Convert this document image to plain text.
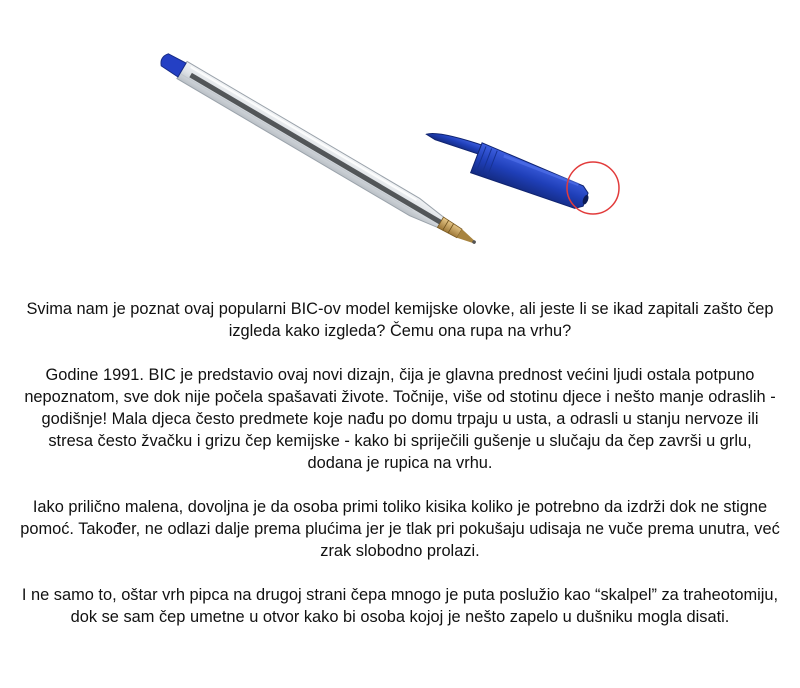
Svima nam je poznat ovaj popularni BIC-ov model kemijske olovke, ali jeste li se ikad zapitali zašto čep izgleda kako izgleda? Čemu ona rupa na vrhu?

Godine 1991. BIC je predstavio ovaj novi dizajn, čija je glavna prednost većini ljudi ostala potpuno nepoznatom, sve dok nije počela spašavati živote. Točnije, više od stotinu djece i nešto manje odraslih - godišnje! Mala djeca često predmete koje nađu po domu trpaju u usta, a odrasli u stanju nervoze ili stresa često žvačku i grizu čep kemijske - kako bi spriječili gušenje u slučaju da čep završi u grlu, dodana je rupica na vrhu.

Iako prilično malena, dovoljna je da osoba primi toliko kisika koliko je potrebno da izdrži dok ne stigne pomoć. Također, ne odlazi dalje prema plućima jer je tlak pri pokušaju udisaja ne vuče prema unutra, već zrak slobodno prolazi.

I ne samo to, oštar vrh pipca na drugoj strani čepa mnogo je puta poslužio kao “skalpel” za traheotomiju, dok se sam čep umetne u otvor kako bi osoba kojoj je nešto zapelo u dušniku mogla disati.
